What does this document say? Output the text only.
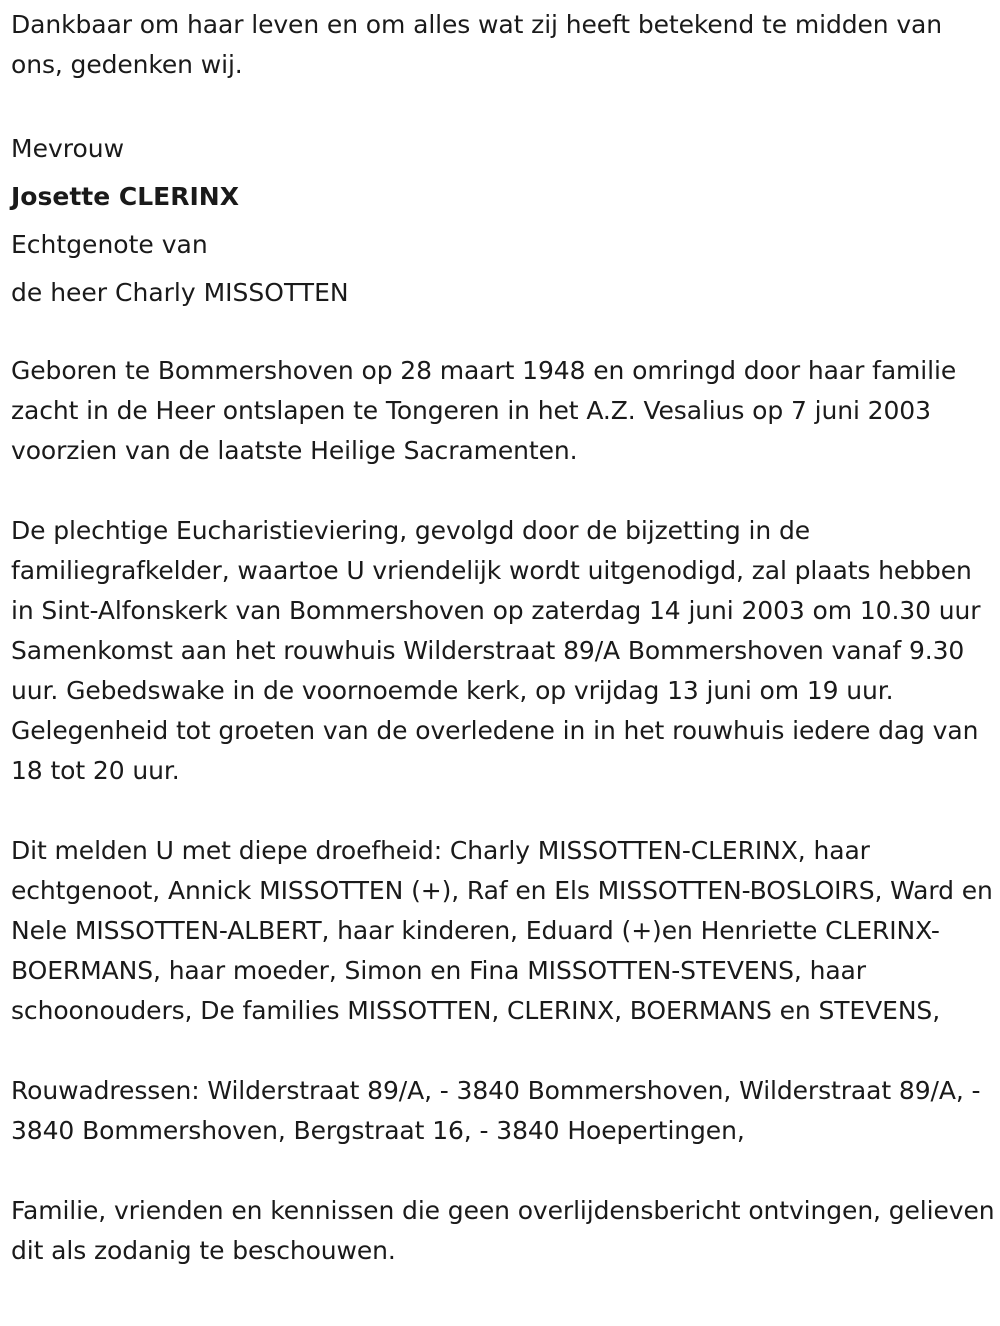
Dankbaar om haar leven en om alles wat zij heeft betekend te midden van ons, gedenken wij.

Mevrouw

Josette CLERINX

Echtgenote van

de heer Charly MISSOTTEN

Geboren te Bommershoven op 28 maart 1948 en omringd door haar familie zacht in de Heer ontslapen te Tongeren in het A.Z. Vesalius op 7 juni 2003 voorzien van de laatste Heilige Sacramenten.

De plechtige Eucharistieviering, gevolgd door de bijzetting in de familiegrafkelder, waartoe U vriendelijk wordt uitgenodigd, zal plaats hebben in Sint-Alfonskerk van Bommershoven op zaterdag 14 juni 2003 om 10.30 uur Samenkomst aan het rouwhuis Wilderstraat 89/A Bommershoven vanaf 9.30 uur. Gebedswake in de voornoemde kerk, op vrijdag 13 juni om 19 uur. Gelegenheid tot groeten van de overledene in in het rouwhuis iedere dag van 18 tot 20 uur.

Dit melden U met diepe droefheid: Charly MISSOTTEN-CLERINX, haar echtgenoot, Annick MISSOTTEN (+), Raf en Els MISSOTTEN-BOSLOIRS, Ward en Nele MISSOTTEN-ALBERT, haar kinderen, Eduard (+)en Henriette CLERINX-BOERMANS, haar moeder, Simon en Fina MISSOTTEN-STEVENS, haar schoonouders, De families MISSOTTEN, CLERINX, BOERMANS en STEVENS,

Rouwadressen: Wilderstraat 89/A, - 3840 Bommershoven, Wilderstraat 89/A, - 3840 Bommershoven, Bergstraat 16, - 3840 Hoepertingen,

Familie, vrienden en kennissen die geen overlijdensbericht ontvingen, gelieven dit als zodanig te beschouwen.
